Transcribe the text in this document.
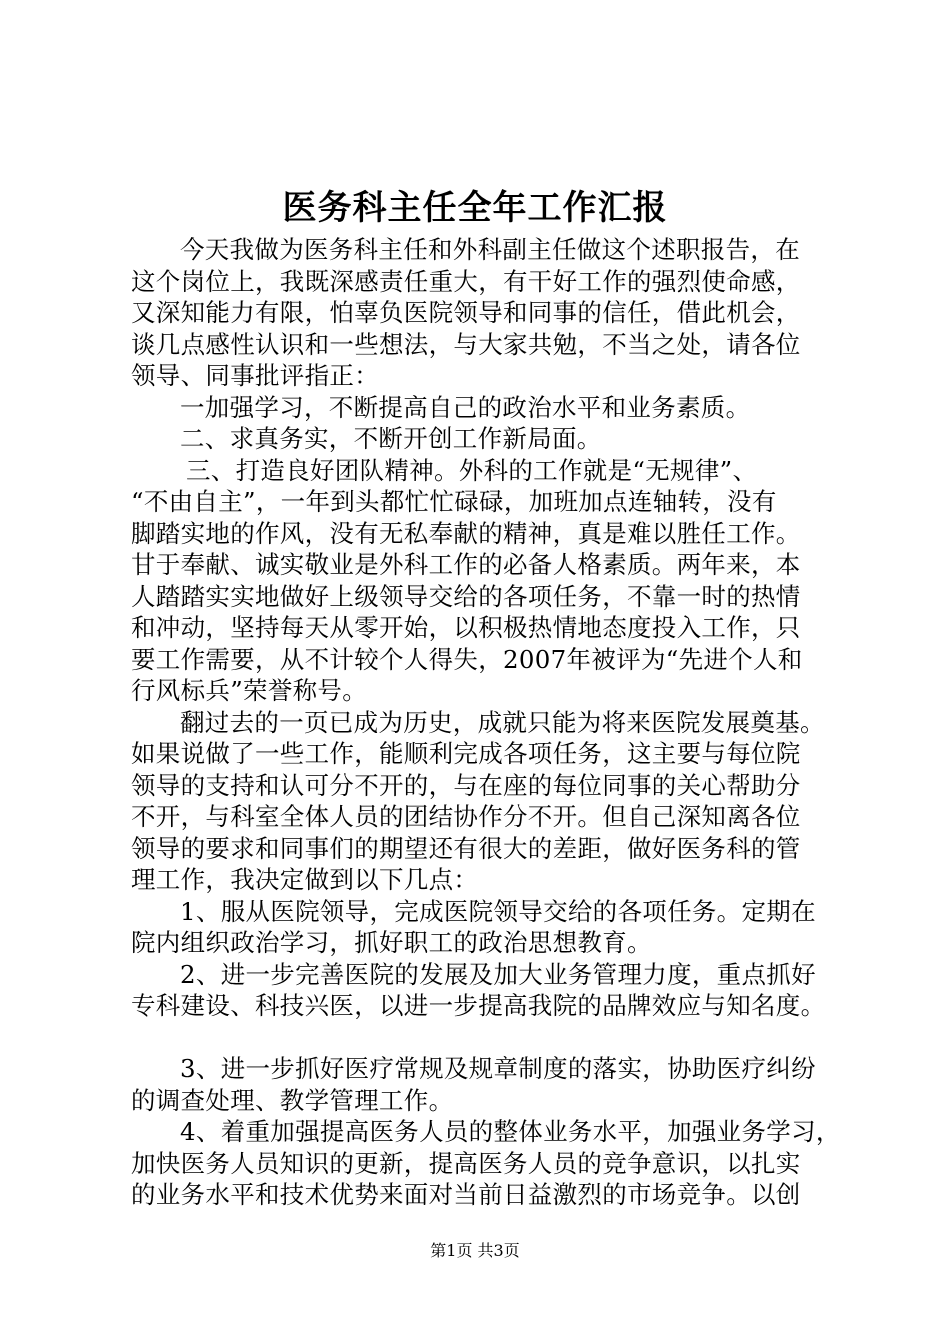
医务科主任全年工作汇报
今天我做为医务科主任和外科副主任做这个述职报告，在
这个岗位上，我既深感责任重大，有干好工作的强烈使命感，
又深知能力有限，怕辜负医院领导和同事的信任，借此机会，
谈几点感性认识和一些想法，与大家共勉，不当之处，请各位
领导、同事批评指正：
一加强学习，不断提高自己的政治水平和业务素质。
二、求真务实，不断开创工作新局面。
三、打造良好团队精神。外科的工作就是“无规律”、
“不由自主”，一年到头都忙忙碌碌，加班加点连轴转，没有
脚踏实地的作风，没有无私奉献的精神，真是难以胜任工作。
甘于奉献、诚实敬业是外科工作的必备人格素质。两年来，本
人踏踏实实地做好上级领导交给的各项任务，不靠一时的热情
和冲动，坚持每天从零开始，以积极热情地态度投入工作，只
要工作需要，从不计较个人得失，2007年被评为“先进个人和
行风标兵”荣誉称号。
翻过去的一页已成为历史，成就只能为将来医院发展奠基。
如果说做了一些工作，能顺利完成各项任务，这主要与每位院
领导的支持和认可分不开的，与在座的每位同事的关心帮助分
不开，与科室全体人员的团结协作分不开。但自己深知离各位
领导的要求和同事们的期望还有很大的差距，做好医务科的管
理工作，我决定做到以下几点：
1、服从医院领导，完成医院领导交给的各项任务。定期在
院内组织政治学习，抓好职工的政治思想教育。
2、进一步完善医院的发展及加大业务管理力度，重点抓好
专科建设、科技兴医，以进一步提高我院的品牌效应与知名度。
3、进一步抓好医疗常规及规章制度的落实，协助医疗纠纷
的调查处理、教学管理工作。
4、着重加强提高医务人员的整体业务水平，加强业务学习，
加快医务人员知识的更新，提高医务人员的竞争意识，以扎实
的业务水平和技术优势来面对当前日益激烈的市场竞争。以创
第1页 共3页
